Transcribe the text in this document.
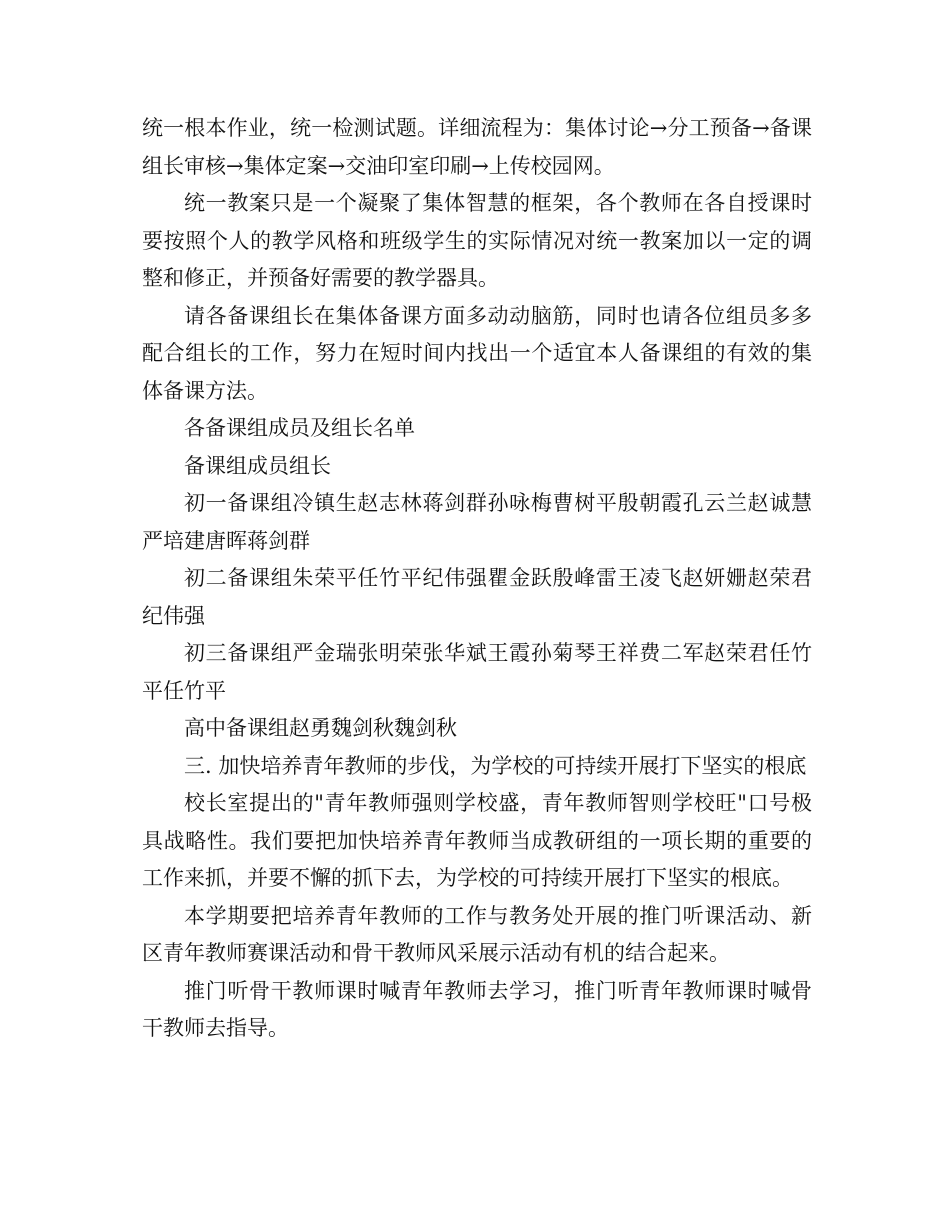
统一根本作业，统一检测试题。详细流程为：集体讨论→分工预备→备课组长审核→集体定案→交油印室印刷→上传校园网。

统一教案只是一个凝聚了集体智慧的框架，各个教师在各自授课时要按照个人的教学风格和班级学生的实际情况对统一教案加以一定的调整和修正，并预备好需要的教学器具。

请各备课组长在集体备课方面多动动脑筋，同时也请各位组员多多配合组长的工作，努力在短时间内找出一个适宜本人备课组的有效的集体备课方法。

各备课组成员及组长名单

备课组成员组长

初一备课组冷镇生赵志林蒋剑群孙咏梅曹树平殷朝霞孔云兰赵诚慧严培建唐晖蒋剑群

初二备课组朱荣平任竹平纪伟强瞿金跃殷峰雷王凌飞赵妍姗赵荣君纪伟强

初三备课组严金瑞张明荣张华斌王霞孙菊琴王祥费二军赵荣君任竹平任竹平

高中备课组赵勇魏剑秋魏剑秋

三. 加快培养青年教师的步伐，为学校的可持续开展打下坚实的根底

校长室提出的"青年教师强则学校盛，青年教师智则学校旺"口号极具战略性。我们要把加快培养青年教师当成教研组的一项长期的重要的工作来抓，并要不懈的抓下去，为学校的可持续开展打下坚实的根底。

本学期要把培养青年教师的工作与教务处开展的推门听课活动、新区青年教师赛课活动和骨干教师风采展示活动有机的结合起来。

推门听骨干教师课时喊青年教师去学习，推门听青年教师课时喊骨干教师去指导。
